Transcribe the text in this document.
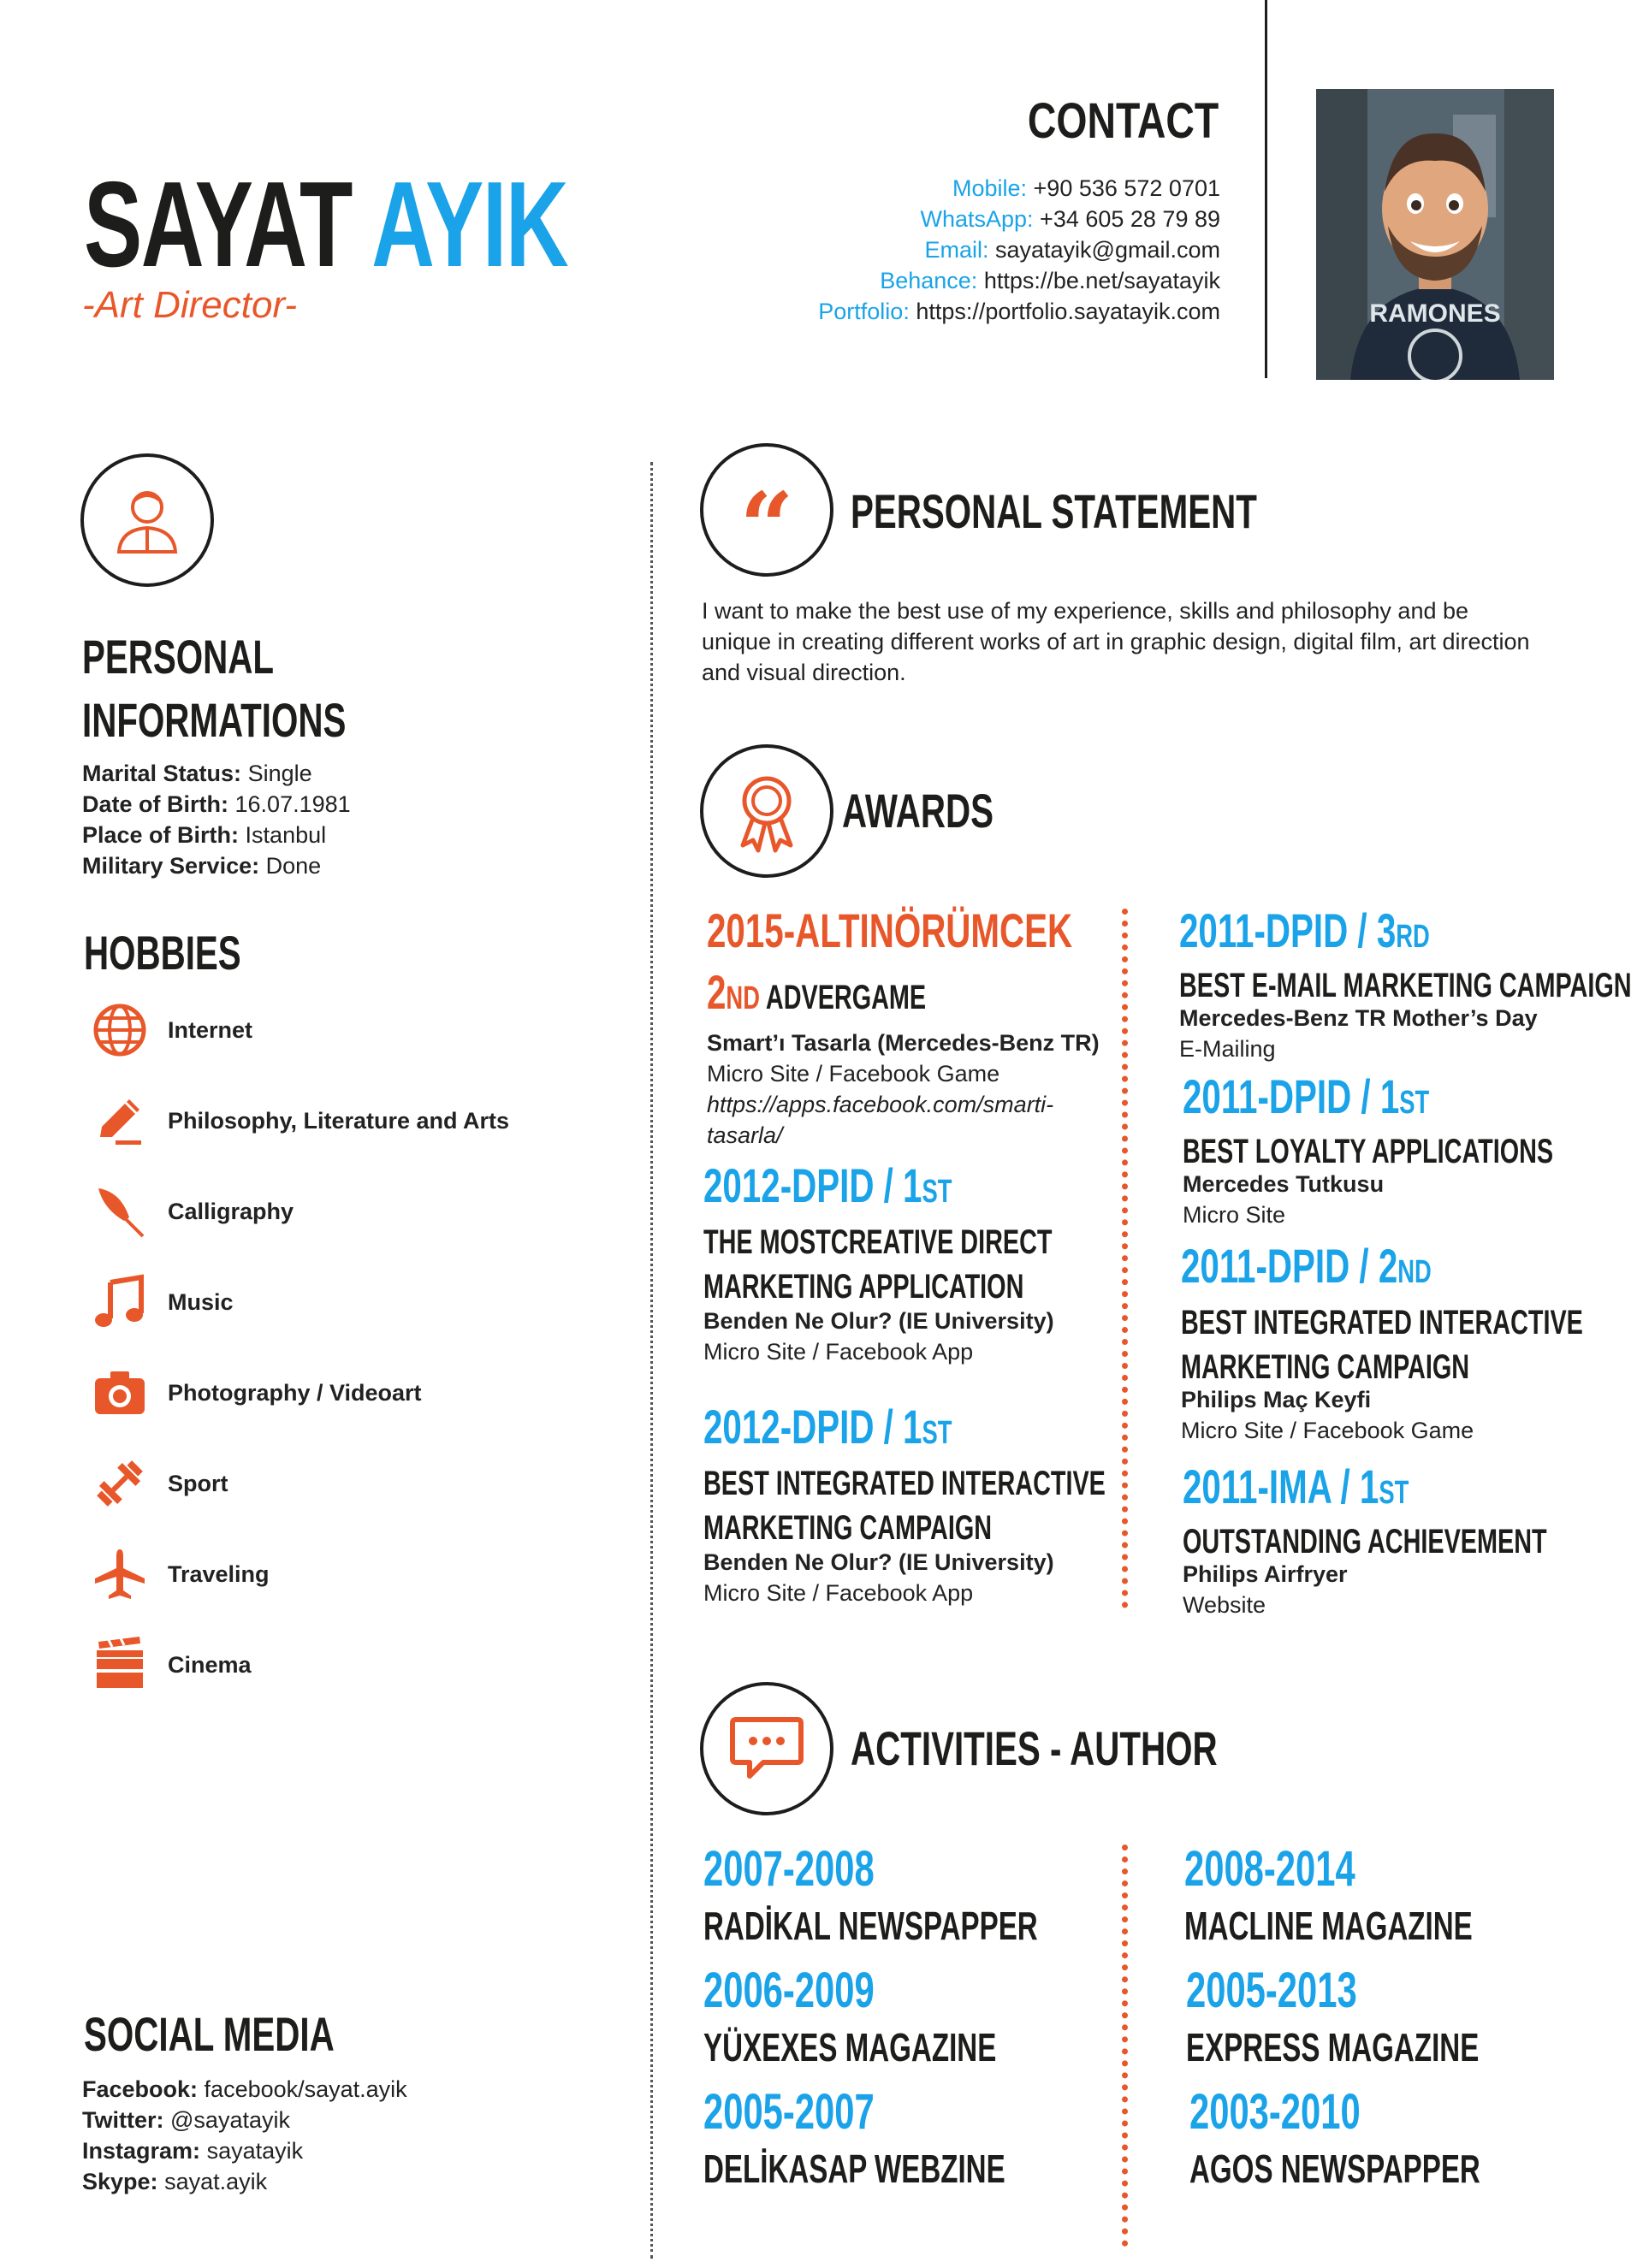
SAYAT AYIK
-Art Director-
CONTACT
Mobile: +90 536 572 0701
WhatsApp: +34 605 28 79 89
Email: sayatayik@gmail.com
Behance: https://be.net/sayatayik
Portfolio: https://portfolio.sayatayik.com	RAMONES
PERSONAL
INFORMATIONS
Marital Status: Single
Date of Birth: 16.07.1981
Place of Birth: Istanbul
Military Service: Done
HOBBIES
Internet
Philosophy, Literature and Arts
Calligraphy
Music
Photography / Videoart
Sport
Traveling
Cinema
SOCIAL MEDIA
Facebook: facebook/sayat.ayik
Twitter: @sayatayik
Instagram: sayatayik
Skype: sayat.ayik
“ PERSONAL STATEMENT
I want to make the best use of my experience, skills and philosophy and be unique in creating different works of art in graphic design, digital film, art direction and visual direction.
AWARDS
2015-ALTINÖRÜMCEK
2ND ADVERGAME
Smart’ı Tasarla (Mercedes-Benz TR)
Micro Site / Facebook Game
https://apps.facebook.com/smarti-tasarla/
2012-DPID / 1ST
THE MOSTCREATIVE DIRECT
MARKETING APPLICATION
Benden Ne Olur? (IE University)
Micro Site / Facebook App
2012-DPID / 1ST
BEST INTEGRATED INTERACTIVE
MARKETING CAMPAIGN
Benden Ne Olur? (IE University)
Micro Site / Facebook App
2011-DPID / 3RD
BEST E-MAIL MARKETING CAMPAIGN
Mercedes-Benz TR Mother’s Day
E-Mailing
2011-DPID / 1ST
BEST LOYALTY APPLICATIONS
Mercedes Tutkusu
Micro Site
2011-DPID / 2ND
BEST INTEGRATED INTERACTIVE
MARKETING CAMPAIGN
Philips Maç Keyfi
Micro Site / Facebook Game
2011-IMA / 1ST
OUTSTANDING ACHIEVEMENT
Philips Airfryer
Website
ACTIVITIES - AUTHOR
2007-2008
RADİKAL NEWSPAPPER
2006-2009
YÜXEXES MAGAZINE
2005-2007
DELİKASAP WEBZINE
2008-2014
MACLINE MAGAZINE
2005-2013
EXPRESS MAGAZINE
2003-2010
AGOS NEWSPAPPER
